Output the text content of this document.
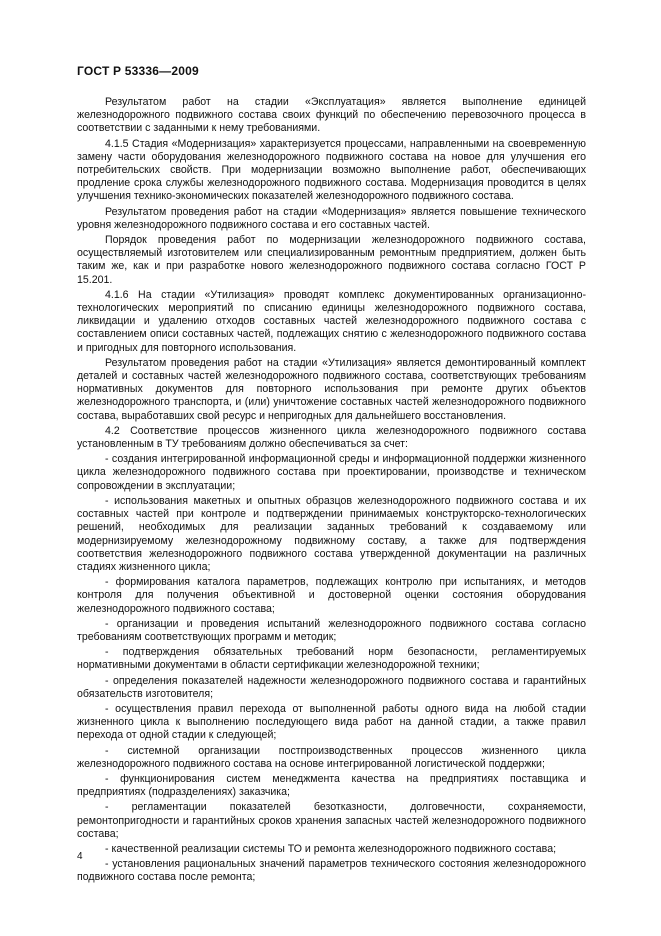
ГОСТ Р 53336—2009

Результатом работ на стадии «Эксплуатация» является выполнение единицей железнодорожного подвижного состава своих функций по обеспечению перевозочного процесса в соответствии с заданными к нему требованиями.

4.1.5 Стадия «Модернизация» характеризуется процессами, направленными на своевременную замену части оборудования железнодорожного подвижного состава на новое для улучшения его потребительских свойств. При модернизации возможно выполнение работ, обеспечивающих продление срока службы железнодорожного подвижного состава. Модернизация проводится в целях улучшения технико-экономических показателей железнодорожного подвижного состава.

Результатом проведения работ на стадии «Модернизация» является повышение технического уровня железнодорожного подвижного состава и его составных частей.

Порядок проведения работ по модернизации железнодорожного подвижного состава, осуществляемый изготовителем или специализированным ремонтным предприятием, должен быть таким же, как и при разработке нового железнодорожного подвижного состава согласно ГОСТ Р 15.201.

4.1.6 На стадии «Утилизация» проводят комплекс документированных организационно-технологических мероприятий по списанию единицы железнодорожного подвижного состава, ликвидации и удалению отходов составных частей железнодорожного подвижного состава с составлением описи составных частей, подлежащих снятию с железнодорожного подвижного состава и пригодных для повторного использования.

Результатом проведения работ на стадии «Утилизация» является демонтированный комплект деталей и составных частей железнодорожного подвижного состава, соответствующих требованиям нормативных документов для повторного использования при ремонте других объектов железнодорожного транспорта, и (или) уничтожение составных частей железнодорожного подвижного состава, выработавших свой ресурс и непригодных для дальнейшего восстановления.

4.2 Соответствие процессов жизненного цикла железнодорожного подвижного состава установленным в ТУ требованиям должно обеспечиваться за счет:

- создания интегрированной информационной среды и информационной поддержки жизненного цикла железнодорожного подвижного состава при проектировании, производстве и техническом сопровождении в эксплуатации;

- использования макетных и опытных образцов железнодорожного подвижного состава и их составных частей при контроле и подтверждении принимаемых конструкторско-технологических решений, необходимых для реализации заданных требований к создаваемому или модернизируемому железнодорожному подвижному составу, а также для подтверждения соответствия железнодорожного подвижного состава утвержденной документации на различных стадиях жизненного цикла;

- формирования каталога параметров, подлежащих контролю при испытаниях, и методов контроля для получения объективной и достоверной оценки состояния оборудования железнодорожного подвижного состава;

- организации и проведения испытаний железнодорожного подвижного состава согласно требованиям соответствующих программ и методик;

- подтверждения обязательных требований норм безопасности, регламентируемых нормативными документами в области сертификации железнодорожной техники;

- определения показателей надежности железнодорожного подвижного состава и гарантийных обязательств изготовителя;

- осуществления правил перехода от выполненной работы одного вида на любой стадии жизненного цикла к выполнению последующего вида работ на данной стадии, а также правил перехода от одной стадии к следующей;

- системной организации постпроизводственных процессов жизненного цикла железнодорожного подвижного состава на основе интегрированной логистической поддержки;

- функционирования систем менеджмента качества на предприятиях поставщика и предприятиях (подразделениях) заказчика;

- регламентации показателей безотказности, долговечности, сохраняемости, ремонтопригодности и гарантийных сроков хранения запасных частей железнодорожного подвижного состава;

- качественной реализации системы ТО и ремонта железнодорожного подвижного состава;

- установления рациональных значений параметров технического состояния железнодорожного подвижного состава после ремонта;

4
